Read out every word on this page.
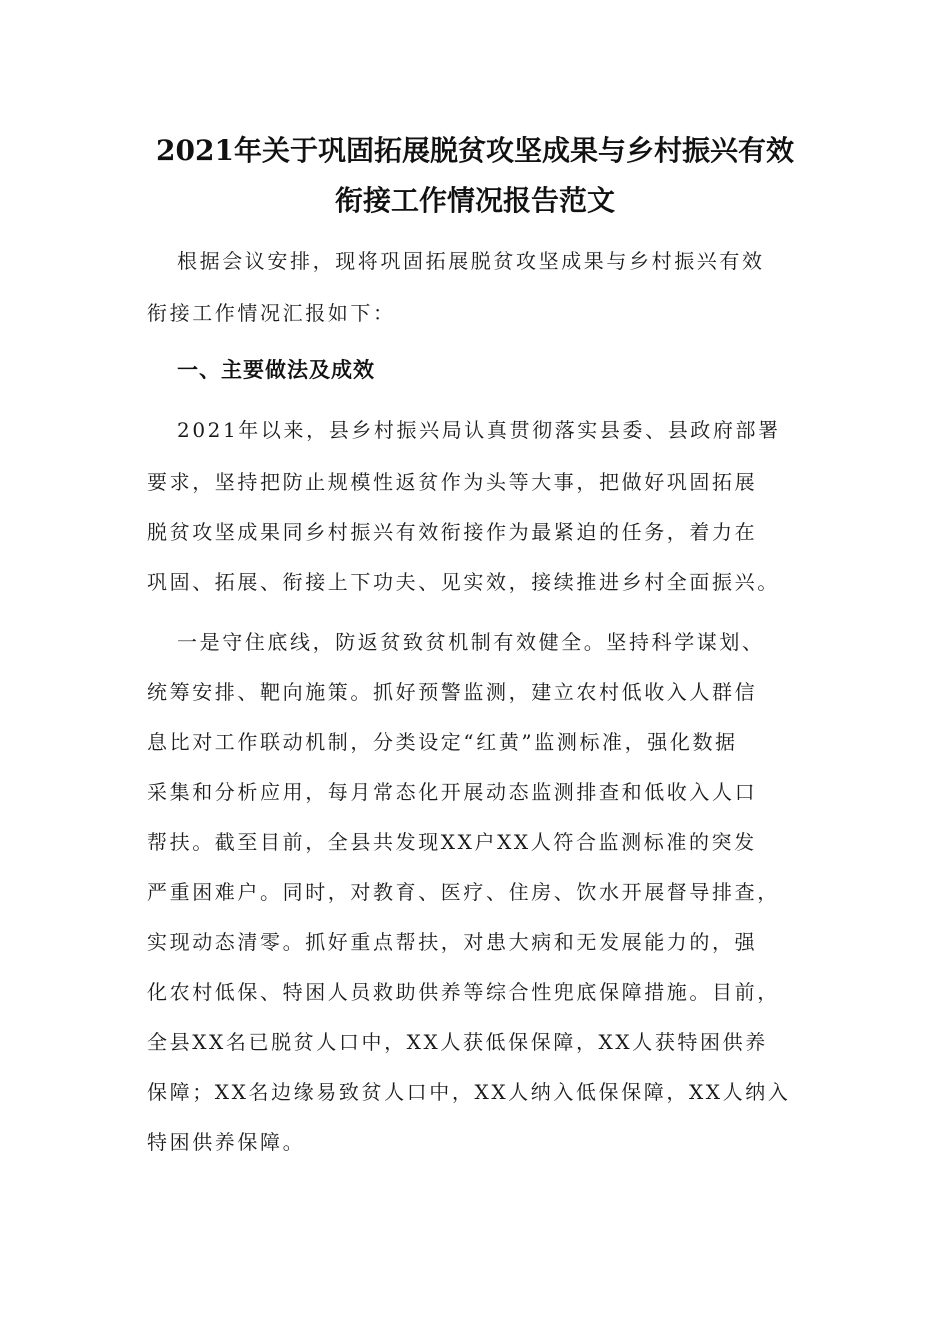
2021年关于巩固拓展脱贫攻坚成果与乡村振兴有效
衔接工作情况报告范文
根据会议安排，现将巩固拓展脱贫攻坚成果与乡村振兴有效
衔接工作情况汇报如下：
一、主要做法及成效
2021年以来，县乡村振兴局认真贯彻落实县委、县政府部署
要求，坚持把防止规模性返贫作为头等大事，把做好巩固拓展
脱贫攻坚成果同乡村振兴有效衔接作为最紧迫的任务，着力在
巩固、拓展、衔接上下功夫、见实效，接续推进乡村全面振兴。
一是守住底线，防返贫致贫机制有效健全。坚持科学谋划、
统筹安排、靶向施策。抓好预警监测，建立农村低收入人群信
息比对工作联动机制，分类设定“红黄”监测标准，强化数据
采集和分析应用，每月常态化开展动态监测排查和低收入人口
帮扶。截至目前，全县共发现XX户XX人符合监测标准的突发
严重困难户。同时，对教育、医疗、住房、饮水开展督导排查，
实现动态清零。抓好重点帮扶，对患大病和无发展能力的，强
化农村低保、特困人员救助供养等综合性兜底保障措施。目前，
全县XX名已脱贫人口中，XX人获低保保障，XX人获特困供养
保障；XX名边缘易致贫人口中，XX人纳入低保保障，XX人纳入
特困供养保障。
